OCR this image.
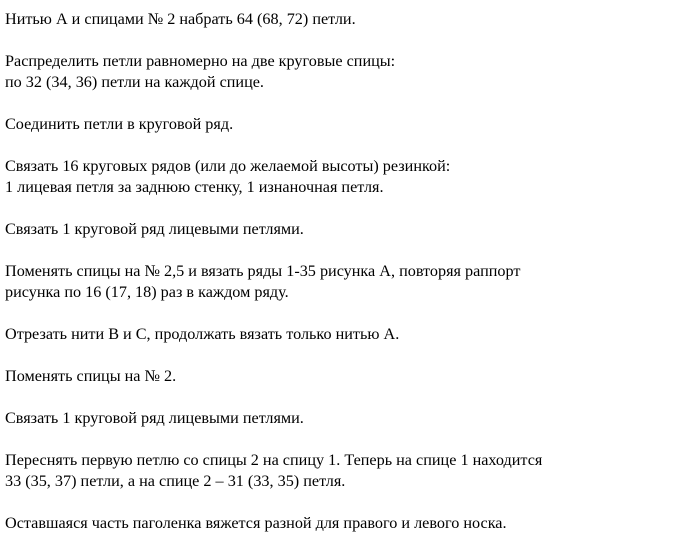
Нитью А и спицами № 2 набрать 64 (68, 72) петли.

Распределить петли равномерно на две круговые спицы:

по 32 (34, 36) петли на каждой спице.

Соединить петли в круговой ряд.

Связать 16 круговых рядов (или до желаемой высоты) резинкой:

1 лицевая петля за заднюю стенку, 1 изнаночная петля.

Связать 1 круговой ряд лицевыми петлями.

Поменять спицы на № 2,5 и вязать ряды 1-35 рисунка А, повторяя раппорт

рисунка по 16 (17, 18) раз в каждом ряду.

Отрезать нити В и С, продолжать вязать только нитью А.

Поменять спицы на № 2.

Связать 1 круговой ряд лицевыми петлями.

Переснять первую петлю со спицы 2 на спицу 1. Теперь на спице 1 находится

33 (35, 37) петли, а на спице 2 – 31 (33, 35) петля.

Оставшаяся часть паголенка вяжется разной для правого и левого носка.
